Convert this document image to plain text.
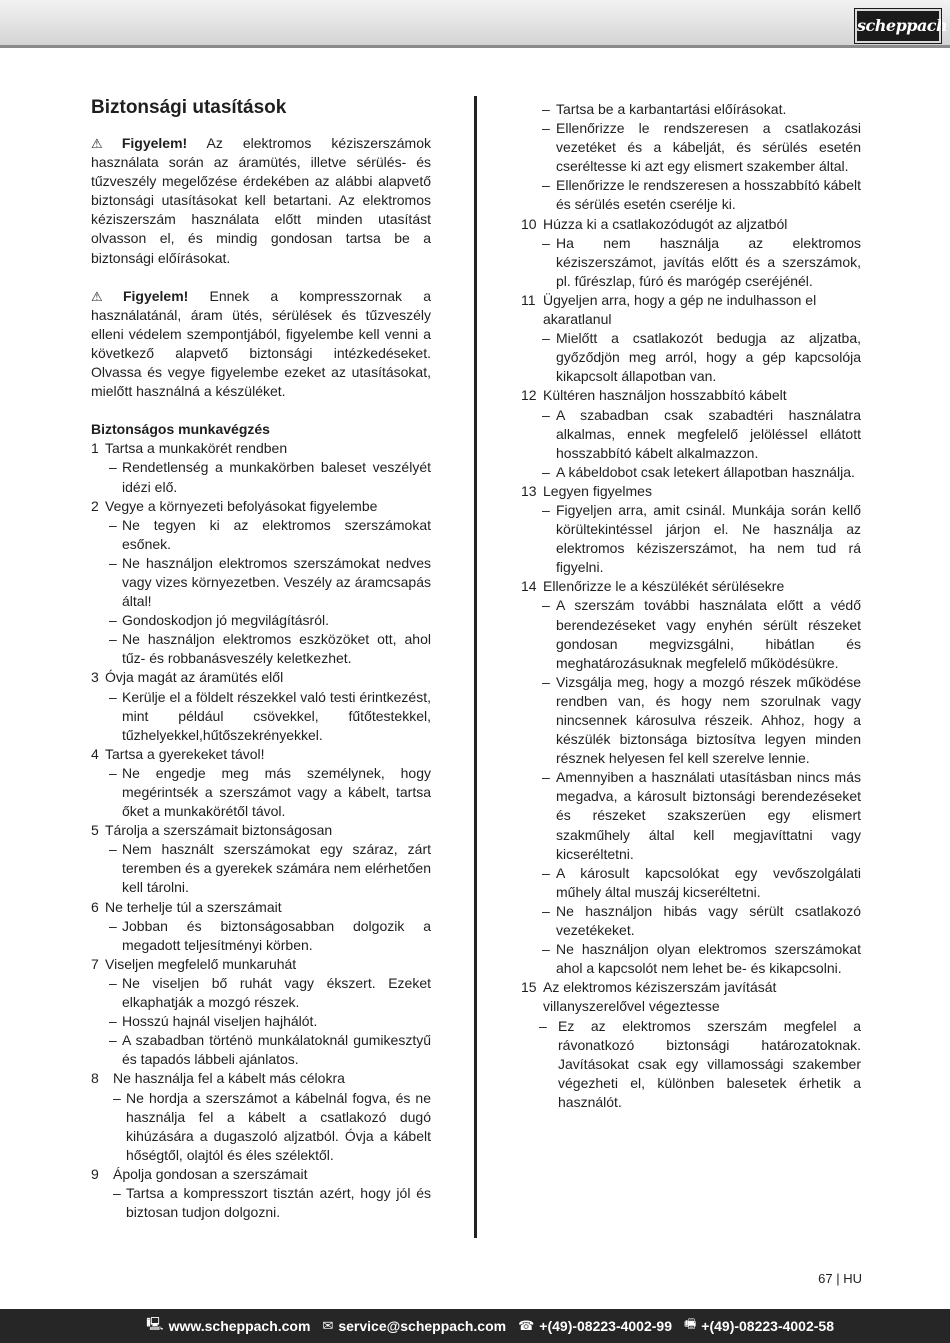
scheppach
Biztonsági utasítások

⚠ Figyelem! Az elektromos kéziszerszámok használata során az áramütés, illetve sérülés- és tűzveszély megelőzése érdekében az alábbi alapvető biztonsági utasításokat kell betartani. Az elektromos kéziszerszám használata előtt minden utasítást olvasson el, és mindig gondosan tartsa be a biztonsági előírásokat.

⚠ Figyelem! Ennek a kompresszornak a használatánál, áram ütés, sérülések és tűzveszély elleni védelem szempontjából, figyelembe kell venni a következő alapvető biztonsági intézkedéseket. Olvassa és vegye figyelembe ezeket az utasításokat, mielőtt használná a készüléket.

Biztonságos munkavégzés
1 Tartsa a munkakörét rendben
– Rendetlenség a munkakörben baleset veszélyét idézi elő.
2 Vegye a környezeti befolyásokat figyelembe
– Ne tegyen ki az elektromos szerszámokat esőnek.
– Ne használjon elektromos szerszámokat nedves vagy vizes környezetben. Veszély az áramcsapás által!
– Gondoskodjon jó megvilágításról.
– Ne használjon elektromos eszközöket ott, ahol tűz- és robbanásveszély keletkezhet.
3 Óvja magát az áramütés elől
– Kerülje el a földelt részekkel való testi érintkezést, mint például csövekkel, fűtőtestekkel, tűzhelyekkel,hűtőszekrényekkel.
4 Tartsa a gyerekeket távol!
– Ne engedje meg más személynek, hogy megérintsék a szerszámot vagy a kábelt, tartsa őket a munkakörétől távol.
5 Tárolja a szerszámait biztonságosan
– Nem használt szerszámokat egy száraz, zárt teremben és a gyerekek számára nem elérhetően kell tárolni.
6 Ne terhelje túl a szerszámait
– Jobban és biztonságosabban dolgozik a megadott teljesítményi körben.
7 Viseljen megfelelő munkaruhát
– Ne viseljen bő ruhát vagy ékszert. Ezeket elkaphatják a mozgó részek.
– Hosszú hajnál viseljen hajhálót.
– A szabadban történö munkálatoknál gumikesztyű és tapadós lábbeli ajánlatos.
8	Ne használja fel a kábelt más célokra
– Ne hordja a szerszámot a kábelnál fogva, és ne használja fel a kábelt a csatlakozó dugó kihúzására a dugaszoló aljzatból. Óvja a kábelt hőségtől, olajtól és éles szélektől.
9	Ápolja gondosan a szerszámait
– Tartsa a kompresszort tisztán azért, hogy jól és biztosan tudjon dolgozni.
– Tartsa be a karbantartási előírásokat.
– Ellenőrizze le rendszeresen a csatlakozási vezetéket és a kábelját, és sérülés esetén cseréltesse ki azt egy elismert szakember által.
– Ellenőrizze le rendszeresen a hosszabbító kábelt és sérülés esetén cserélje ki.
10 Húzza ki a csatlakozódugót az aljzatból
– Ha nem használja az elektromos kéziszerszámot, javítás előtt és a szerszámok, pl. fűrészlap, fúró és marógép cseréjénél.
11 Ügyeljen arra, hogy a gép ne indulhasson el akaratlanul
– Mielőtt a csatlakozót bedugja az aljzatba, győződjön meg arról, hogy a gép kapcsolója kikapcsolt állapotban van.
12 Kültéren használjon hosszabbító kábelt
– A szabadban csak szabadtéri használatra alkalmas, ennek megfelelő jelöléssel ellátott hosszabbító kábelt alkalmazzon.
– A kábeldobot csak letekert állapotban használja.
13 Legyen figyelmes
– Figyeljen arra, amit csinál. Munkája során kellő körültekintéssel járjon el. Ne használja az elektromos kéziszerszámot, ha nem tud rá figyelni.
14 Ellenőrizze le a készülékét sérülésekre
– A szerszám további használata előtt a védő berendezéseket vagy enyhén sérült részeket gondosan megvizsgálni, hibátlan és meghatározásuknak megfelelő működésükre.
– Vizsgálja meg, hogy a mozgó részek működése rendben van, és hogy nem szorulnak vagy nincsennek károsulva részeik. Ahhoz, hogy a készülék biztonsága biztosítva legyen minden résznek helyesen fel kell szerelve lennie.
– Amennyiben a használati utasításban nincs más megadva, a károsult biztonsági berendezéseket és részeket szakszerüen egy elismert szakműhely által kell megjavíttatni vagy kicseréltetni.
– A károsult kapcsolókat egy vevőszolgálati műhely által muszáj kicseréltetni.
– Ne használjon hibás vagy sérült csatlakozó vezetékeket.
– Ne használjon olyan elektromos szerszámokat ahol a kapcsolót nem lehet be- és kikapcsolni.
15 Az elektromos kéziszerszám javítását villanyszerelővel végeztesse
– Ez az elektromos szerszám megfelel a rávonatkozó biztonsági határozatoknak. Javításokat csak egy villamossági szakember végezheti el, különben balesetek érhetik a használót.
67 | HU
🖳 www.scheppach.com ✉ service@scheppach.com ☎ +(49)-08223-4002-99 🖷 +(49)-08223-4002-58
